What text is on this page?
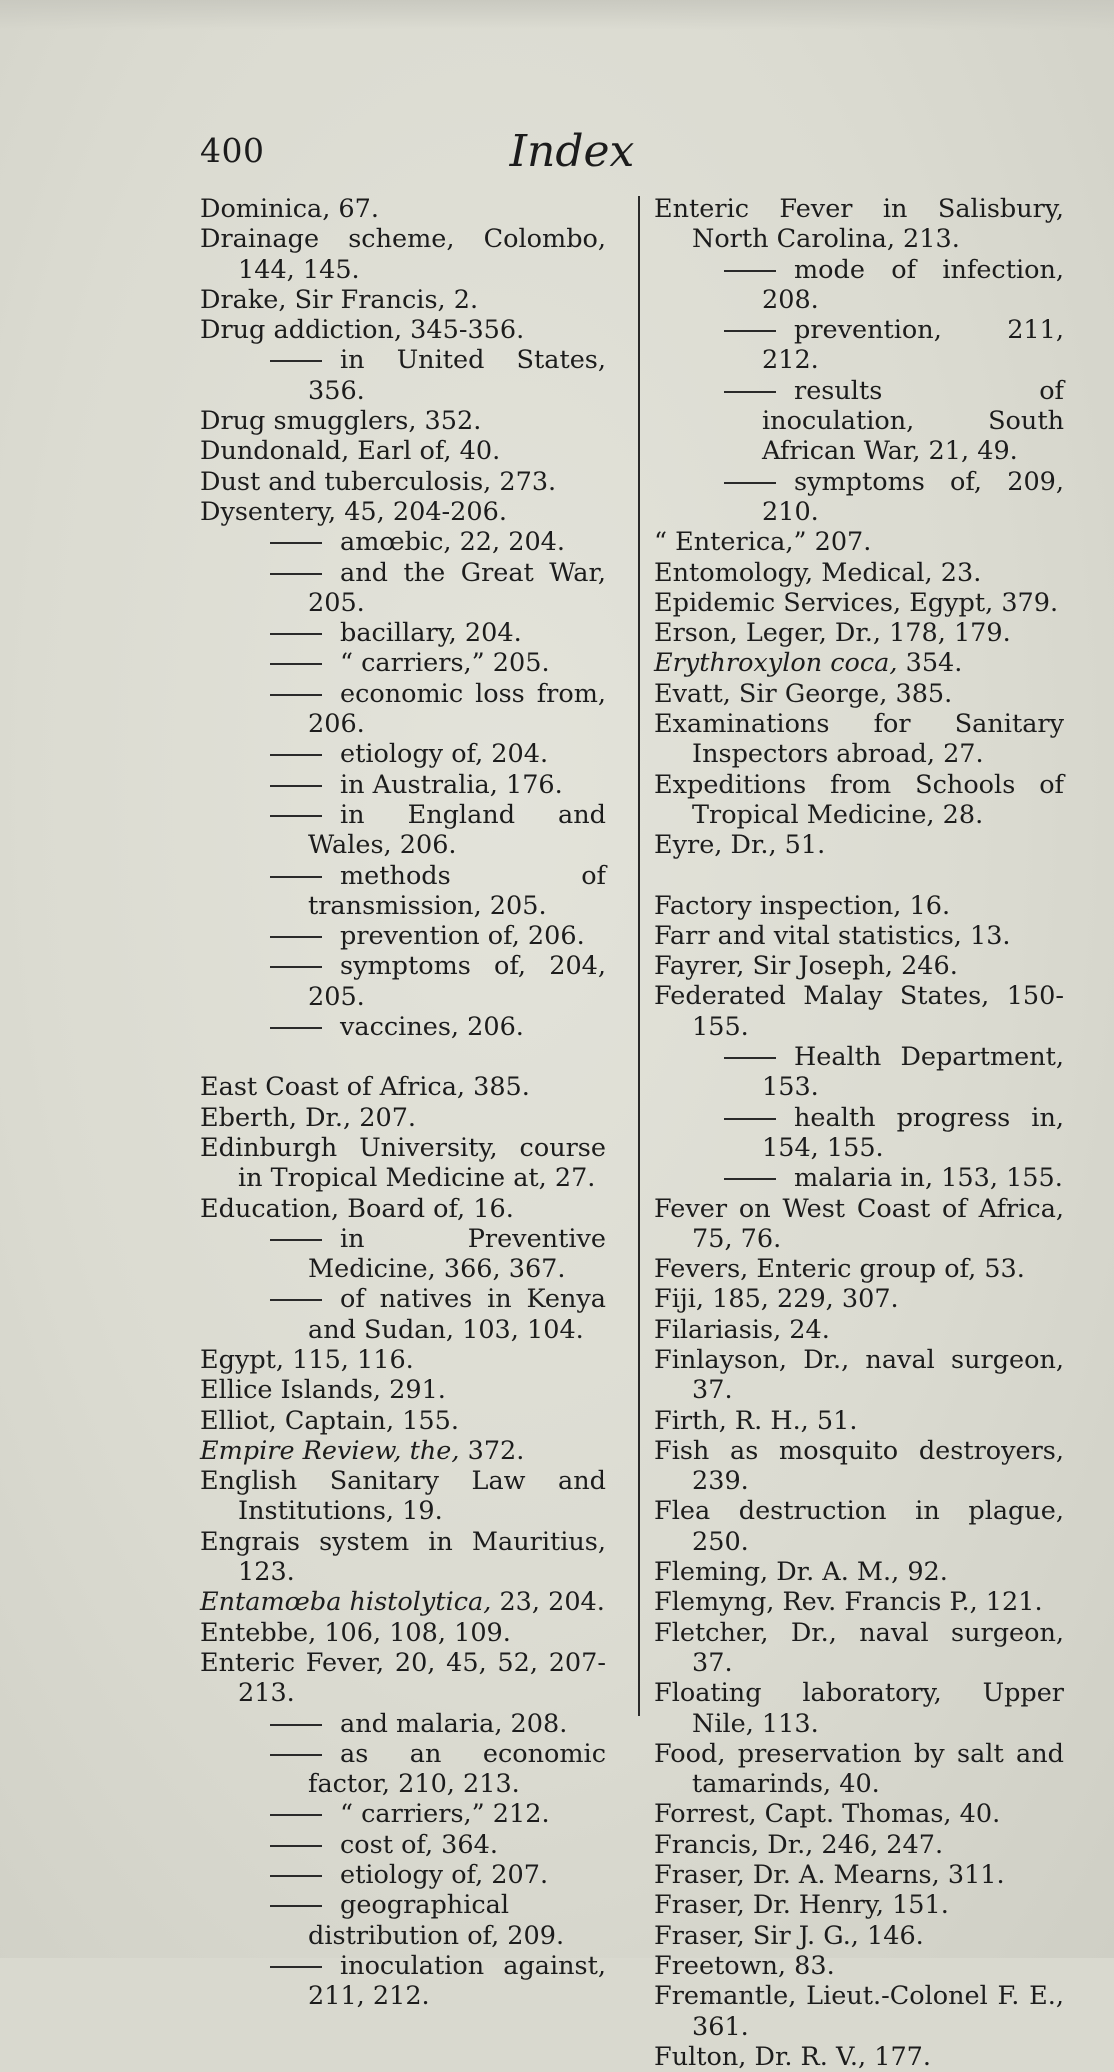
400	Index
Dominica, 67.
Drainage scheme, Colombo, 144, 145.
Drake, Sir Francis, 2.
Drug addiction, 345-356.
in United States, 356.
Drug smugglers, 352.
Dundonald, Earl of, 40.
Dust and tuberculosis, 273.
Dysentery, 45, 204-206.
amœbic, 22, 204.
and the Great War, 205.
bacillary, 204.
“ carriers,” 205.
economic loss from, 206.
etiology of, 204.
in Australia, 176.
in England and Wales, 206.
methods of transmission, 205.
prevention of, 206.
symptoms of, 204, 205.
vaccines, 206.
East Coast of Africa, 385.
Eberth, Dr., 207.
Edinburgh University, course in Tropical Medicine at, 27.
Education, Board of, 16.
in Preventive Medicine, 366, 367.
of natives in Kenya and Sudan, 103, 104.
Egypt, 115, 116.
Ellice Islands, 291.
Elliot, Captain, 155.
Empire Review, the, 372.
English Sanitary Law and Institutions, 19.
Engrais system in Mauritius, 123.
Entamœba histolytica, 23, 204.
Entebbe, 106, 108, 109.
Enteric Fever, 20, 45, 52, 207-213.
and malaria, 208.
as an economic factor, 210, 213.
“ carriers,” 212.
cost of, 364.
etiology of, 207.
geographical distribution of, 209.
inoculation against, 211, 212.
Enteric Fever in Salisbury, North Carolina, 213.
mode of infection, 208.
prevention, 211, 212.
results of inoculation, South African War, 21, 49.
symptoms of, 209, 210.
“ Enterica,” 207.
Entomology, Medical, 23.
Epidemic Services, Egypt, 379.
Erson, Leger, Dr., 178, 179.
Erythroxylon coca, 354.
Evatt, Sir George, 385.
Examinations for Sanitary Inspectors abroad, 27.
Expeditions from Schools of Tropical Medicine, 28.
Eyre, Dr., 51.
Factory inspection, 16.
Farr and vital statistics, 13.
Fayrer, Sir Joseph, 246.
Federated Malay States, 150-155.
Health Department, 153.
health progress in, 154, 155.
malaria in, 153, 155.
Fever on West Coast of Africa, 75, 76.
Fevers, Enteric group of, 53.
Fiji, 185, 229, 307.
Filariasis, 24.
Finlayson, Dr., naval surgeon, 37.
Firth, R. H., 51.
Fish as mosquito destroyers, 239.
Flea destruction in plague, 250.
Fleming, Dr. A. M., 92.
Flemyng, Rev. Francis P., 121.
Fletcher, Dr., naval surgeon, 37.
Floating laboratory, Upper Nile, 113.
Food, preservation by salt and tamarinds, 40.
Forrest, Capt. Thomas, 40.
Francis, Dr., 246, 247.
Fraser, Dr. A. Mearns, 311.
Fraser, Dr. Henry, 151.
Fraser, Sir J. G., 146.
Freetown, 83.
Fremantle, Lieut.-Colonel F. E., 361.
Fulton, Dr. R. V., 177.
